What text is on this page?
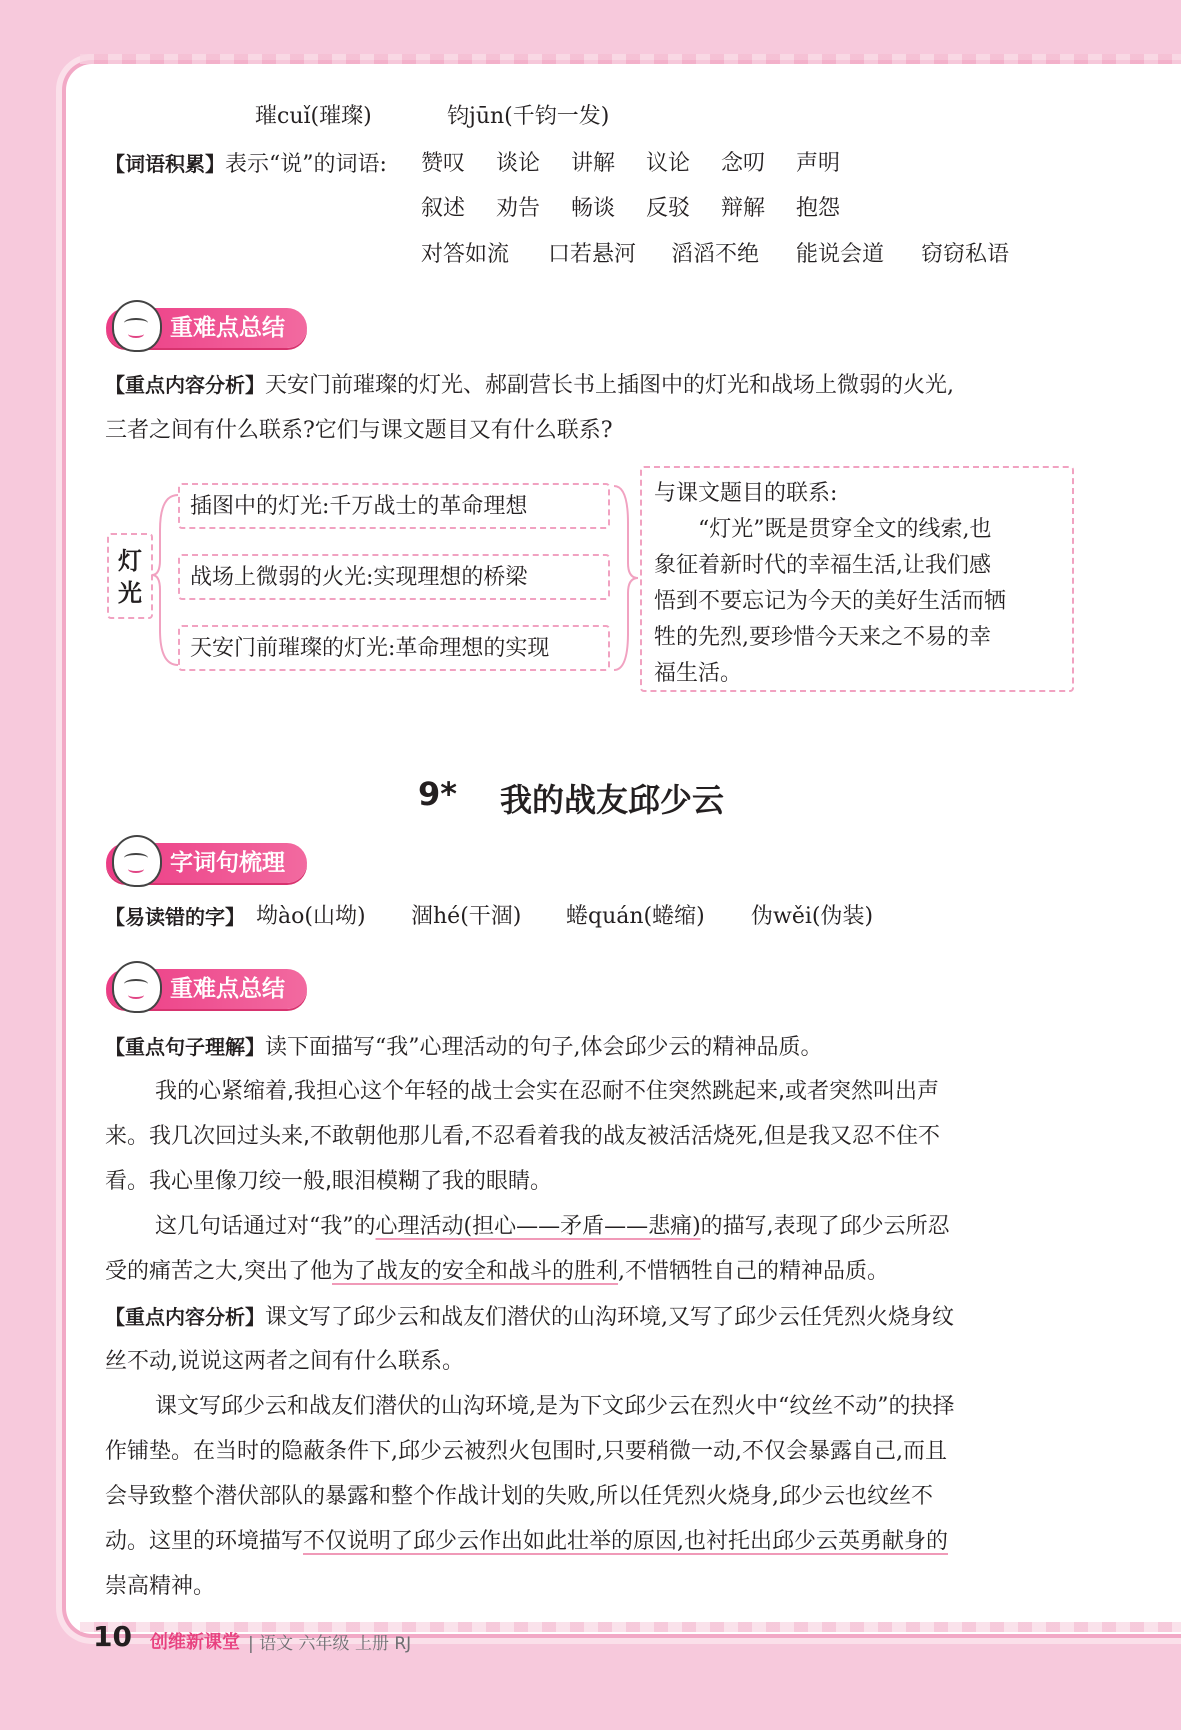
璀cuǐ(璀璨)	钧jūn(千钧一发)
【词语积累】表示“说”的词语: 赞叹 谈论 讲解 议论 念叨 声明
叙述 劝告 畅谈 反驳 辩解 抱怨
对答如流 口若悬河 滔滔不绝 能说会道 窃窃私语
重难点总结
【重点内容分析】天安门前璀璨的灯光、郝副营长书上插图中的灯光和战场上微弱的火光,
三者之间有什么联系?它们与课文题目又有什么联系?
灯光
插图中的灯光:千万战士的革命理想
战场上微弱的火光:实现理想的桥梁
天安门前璀璨的灯光:革命理想的实现
与课文题目的联系:
“灯光”既是贯穿全文的线索,也
象征着新时代的幸福生活,让我们感
悟到不要忘记为今天的美好生活而牺
牲的先烈,要珍惜今天来之不易的幸
福生活。
9* 我的战友邱少云
字词句梳理
【易读错的字】 坳ào(山坳) 涸hé(干涸) 蜷quán(蜷缩) 伪wěi(伪装)
重难点总结
【重点句子理解】读下面描写“我”心理活动的句子,体会邱少云的精神品质。
我的心紧缩着,我担心这个年轻的战士会实在忍耐不住突然跳起来,或者突然叫出声
来。我几次回过头来,不敢朝他那儿看,不忍看着我的战友被活活烧死,但是我又忍不住不
看。我心里像刀绞一般,眼泪模糊了我的眼睛。
这几句话通过对“我”的心理活动(担心——矛盾——悲痛)的描写,表现了邱少云所忍
受的痛苦之大,突出了他为了战友的安全和战斗的胜利,不惜牺牲自己的精神品质。
【重点内容分析】课文写了邱少云和战友们潜伏的山沟环境,又写了邱少云任凭烈火烧身纹
丝不动,说说这两者之间有什么联系。
课文写邱少云和战友们潜伏的山沟环境,是为下文邱少云在烈火中“纹丝不动”的抉择
作铺垫。在当时的隐蔽条件下,邱少云被烈火包围时,只要稍微一动,不仅会暴露自己,而且
会导致整个潜伏部队的暴露和整个作战计划的失败,所以任凭烈火烧身,邱少云也纹丝不
动。这里的环境描写不仅说明了邱少云作出如此壮举的原因,也衬托出邱少云英勇献身的
崇高精神。
10 创维新课堂 | 语文 六年级 上册 RJ
